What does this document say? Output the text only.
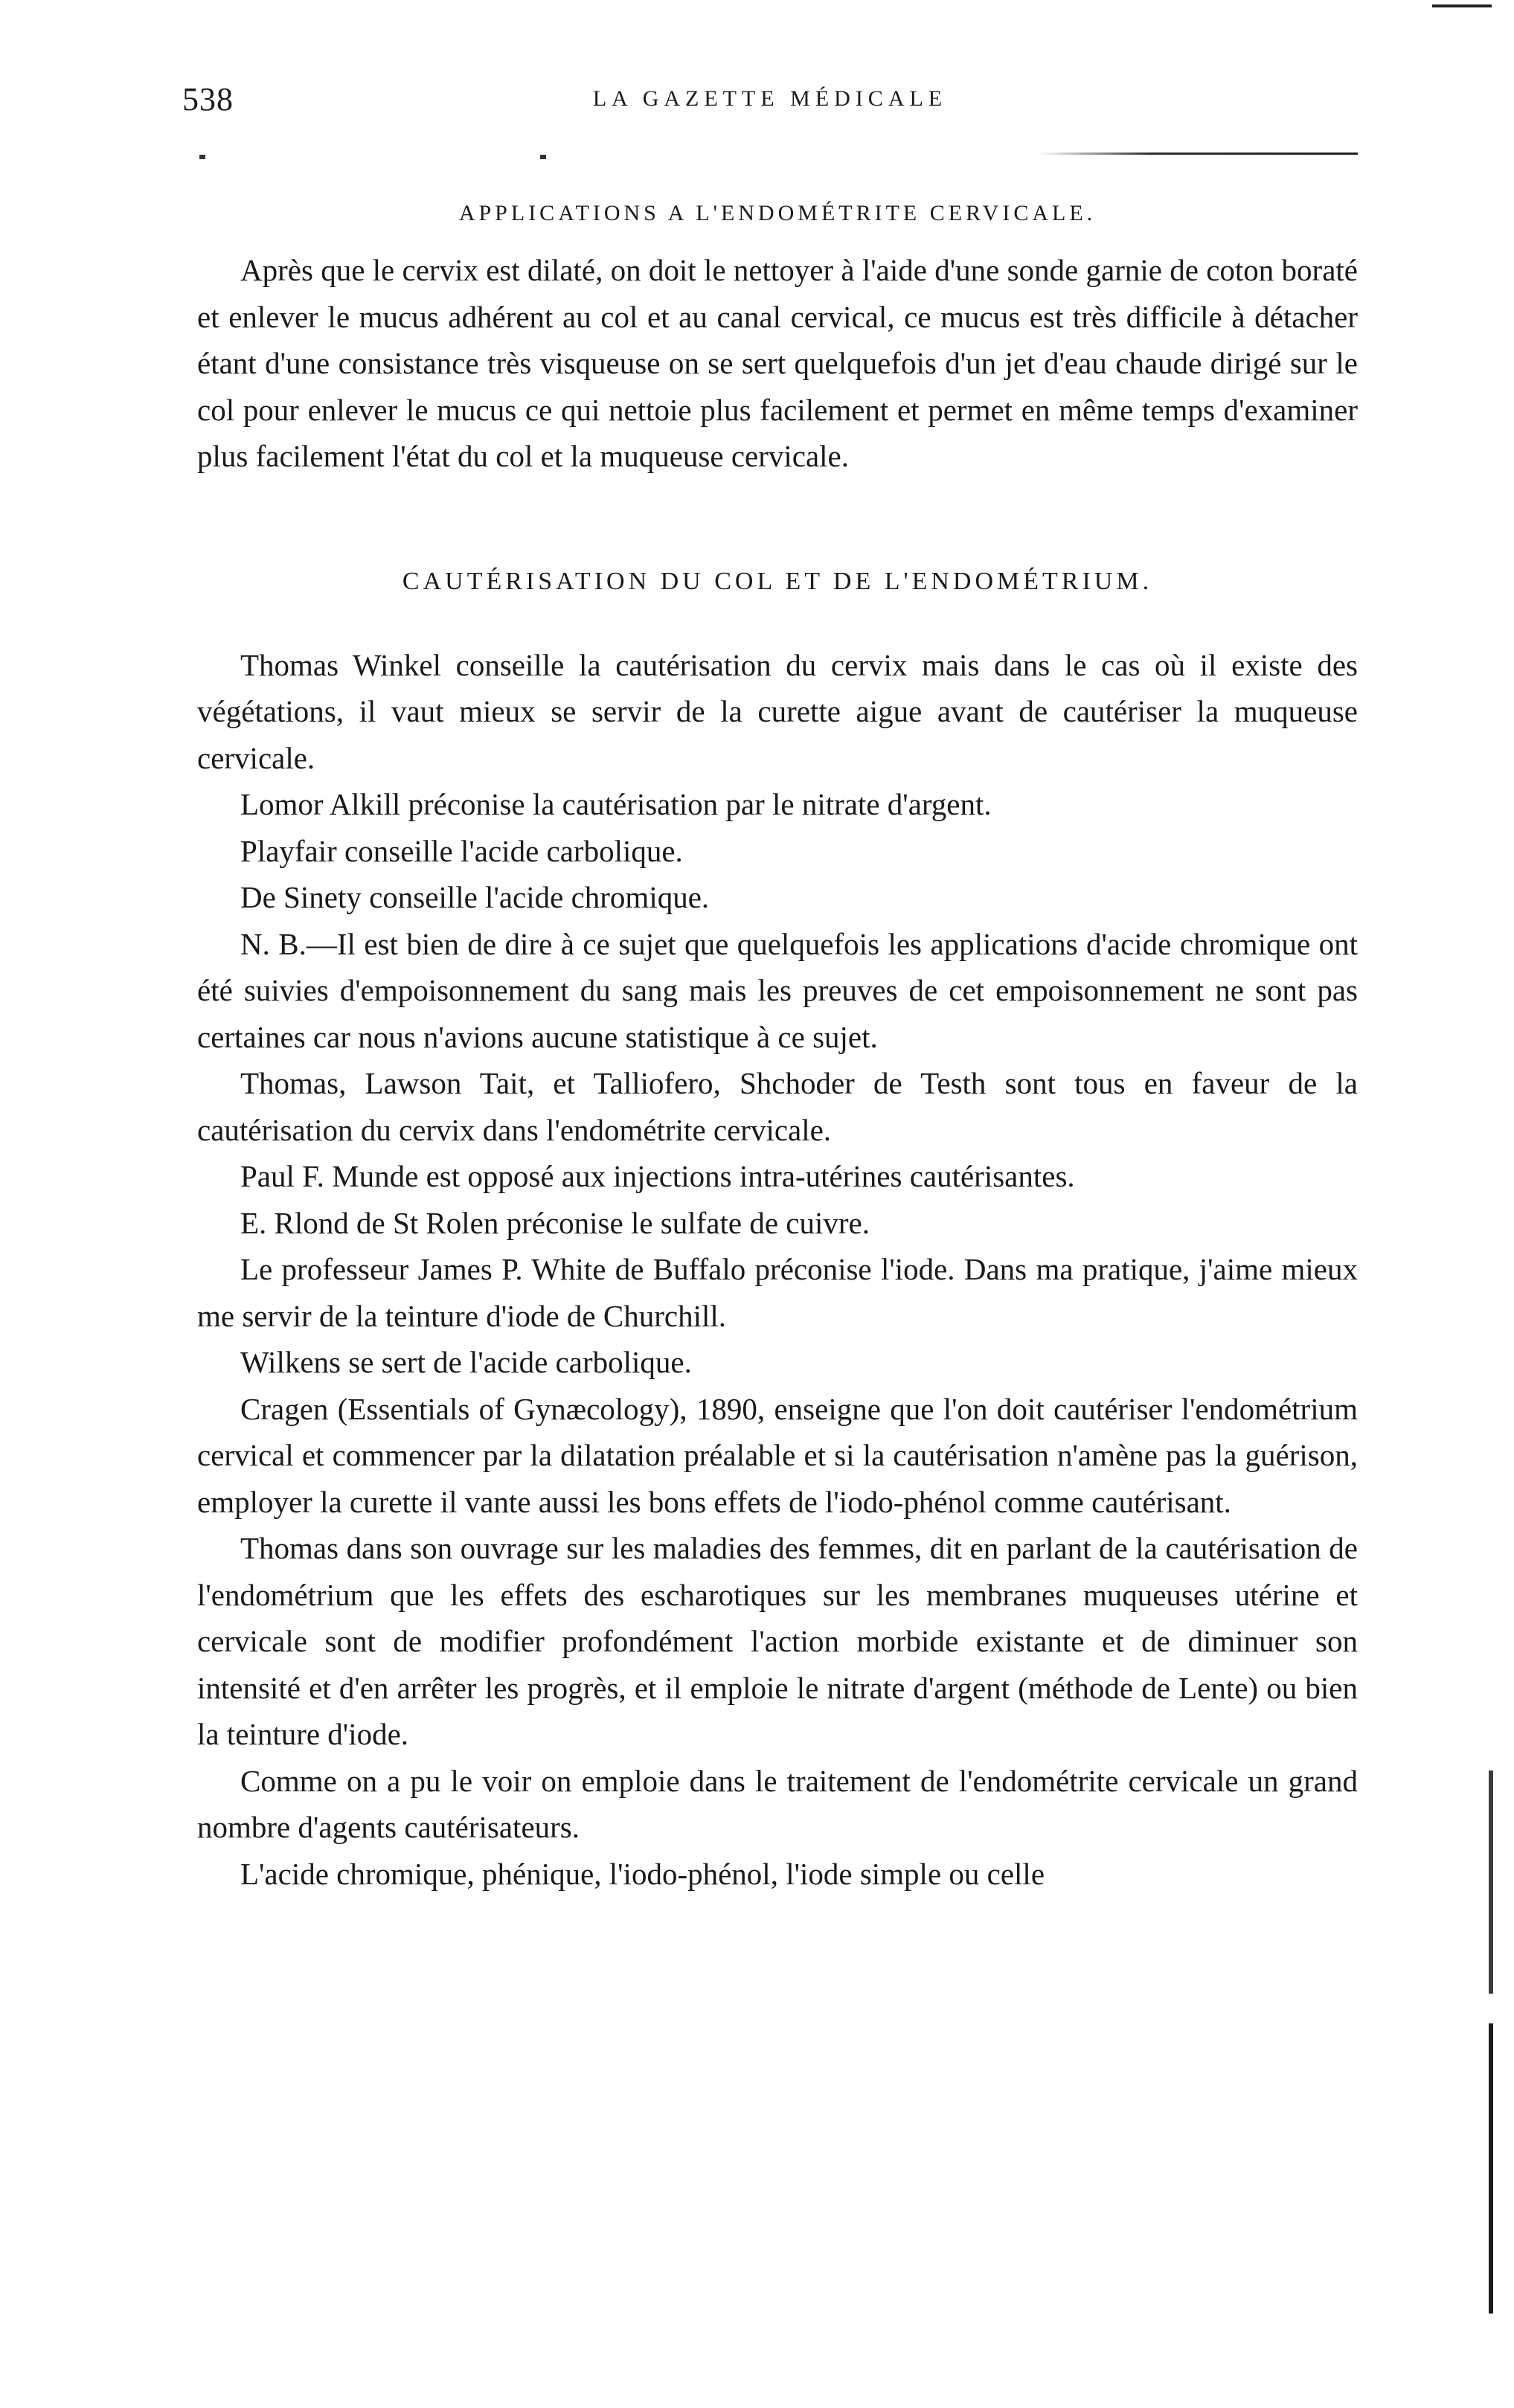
538	LA GAZETTE MÉDICALE
APPLICATIONS A L'ENDOMÉTRITE CERVICALE.

Après que le cervix est dilaté, on doit le nettoyer à l'aide d'une sonde garnie de coton boraté et enlever le mucus adhérent au col et au canal cervical, ce mucus est très difficile à détacher étant d'une consistance très visqueuse on se sert quelquefois d'un jet d'eau chaude dirigé sur le col pour enlever le mucus ce qui nettoie plus facilement et permet en même temps d'examiner plus facilement l'état du col et la muqueuse cervicale.

CAUTÉRISATION DU COL ET DE L'ENDOMÉTRIUM.

Thomas Winkel conseille la cautérisation du cervix mais dans le cas où il existe des végétations, il vaut mieux se servir de la curette aigue avant de cautériser la muqueuse cervicale.

Lomor Alkill préconise la cautérisation par le nitrate d'argent.

Playfair conseille l'acide carbolique.

De Sinety conseille l'acide chromique.

N. B.—Il est bien de dire à ce sujet que quelquefois les applications d'acide chromique ont été suivies d'empoisonnement du sang mais les preuves de cet empoisonnement ne sont pas certaines car nous n'avions aucune statistique à ce sujet.

Thomas, Lawson Tait, et Talliofero, Shchoder de Testh sont tous en faveur de la cautérisation du cervix dans l'endométrite cervicale.

Paul F. Munde est opposé aux injections intra-utérines cautérisantes.

E. Rlond de St Rolen préconise le sulfate de cuivre.

Le professeur James P. White de Buffalo préconise l'iode. Dans ma pratique, j'aime mieux me servir de la teinture d'iode de Churchill.

Wilkens se sert de l'acide carbolique.

Cragen (Essentials of Gynæcology), 1890, enseigne que l'on doit cautériser l'endométrium cervical et commencer par la dilatation préalable et si la cautérisation n'amène pas la guérison, employer la curette il vante aussi les bons effets de l'iodo-phénol comme cautérisant.

Thomas dans son ouvrage sur les maladies des femmes, dit en parlant de la cautérisation de l'endométrium que les effets des escharotiques sur les membranes muqueuses utérine et cervicale sont de modifier profondément l'action morbide existante et de diminuer son intensité et d'en arrêter les progrès, et il emploie le nitrate d'argent (méthode de Lente) ou bien la teinture d'iode.

Comme on a pu le voir on emploie dans le traitement de l'endométrite cervicale un grand nombre d'agents cautérisateurs.

L'acide chromique, phénique, l'iodo-phénol, l'iode simple ou celle
